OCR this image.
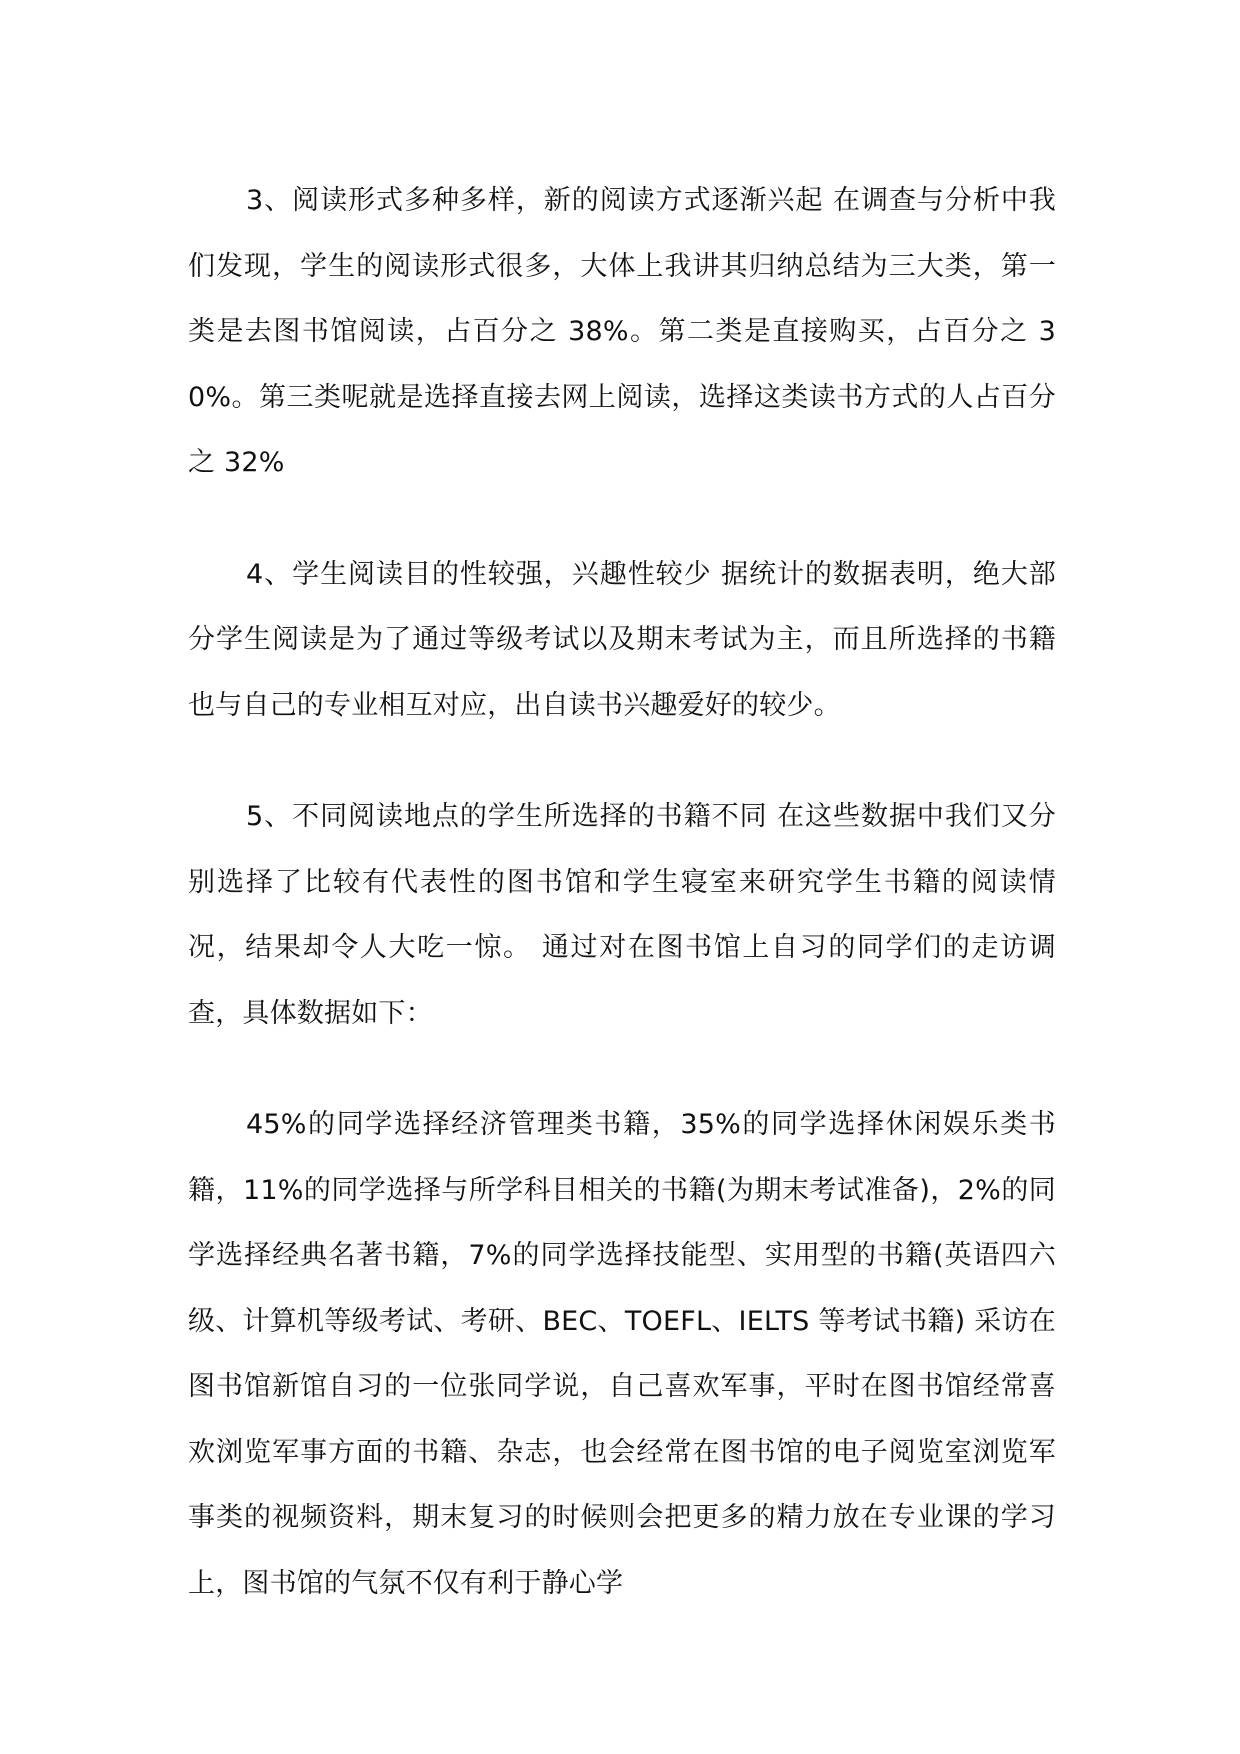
3、阅读形式多种多样，新的阅读方式逐渐兴起 在调查与分析中我们发现，学生的阅读形式很多，大体上我讲其归纳总结为三大类，第一类是去图书馆阅读，占百分之 38%。第二类是直接购买，占百分之 30%。第三类呢就是选择直接去网上阅读，选择这类读书方式的人占百分之 32%

4、学生阅读目的性较强，兴趣性较少 据统计的数据表明，绝大部分学生阅读是为了通过等级考试以及期末考试为主，而且所选择的书籍也与自己的专业相互对应，出自读书兴趣爱好的较少。

5、不同阅读地点的学生所选择的书籍不同 在这些数据中我们又分别选择了比较有代表性的图书馆和学生寝室来研究学生书籍的阅读情况，结果却令人大吃一惊。 通过对在图书馆上自习的同学们的走访调查，具体数据如下：

45%的同学选择经济管理类书籍，35%的同学选择休闲娱乐类书籍，11%的同学选择与所学科目相关的书籍(为期末考试准备)，2%的同学选择经典名著书籍，7%的同学选择技能型、实用型的书籍(英语四六级、计算机等级考试、考研、BEC、TOEFL、IELTS 等考试书籍) 采访在图书馆新馆自习的一位张同学说，自己喜欢军事，平时在图书馆经常喜欢浏览军事方面的书籍、杂志，也会经常在图书馆的电子阅览室浏览军事类的视频资料，期末复习的时候则会把更多的精力放在专业课的学习上，图书馆的气氛不仅有利于静心学
